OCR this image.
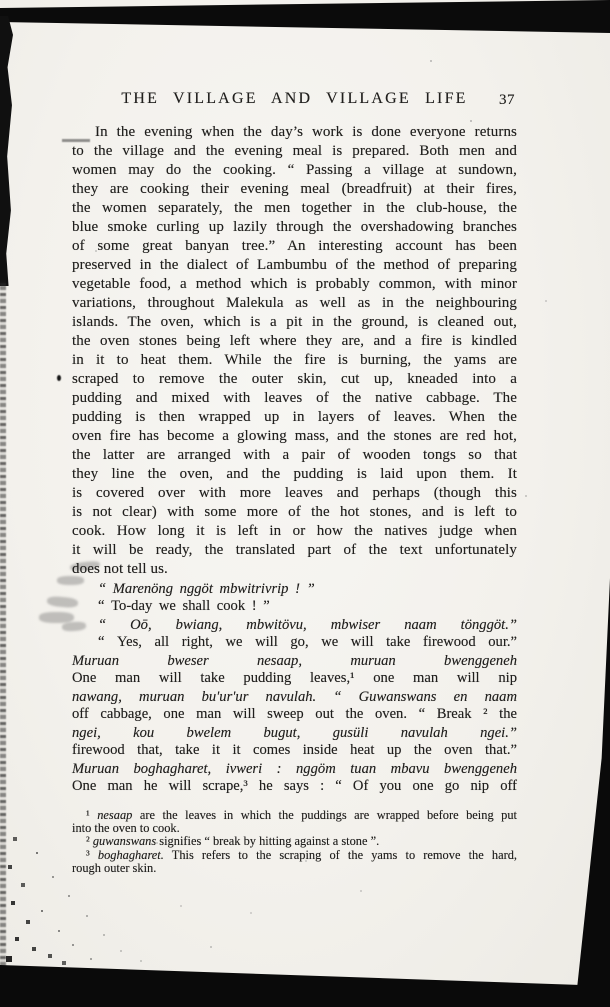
THE VILLAGE AND VILLAGE LIFE	37
In the evening when the day’s work is done everyone returns
to the village and the evening meal is prepared. Both men and
women may do the cooking. “ Passing a village at sundown,
they are cooking their evening meal (breadfruit) at their fires,
the women separately, the men together in the club-house, the
blue smoke curling up lazily through the overshadowing branches
of some great banyan tree.” An interesting account has been
preserved in the dialect of Lambumbu of the method of preparing
vegetable food, a method which is probably common, with minor
variations, throughout Malekula as well as in the neighbouring
islands. The oven, which is a pit in the ground, is cleaned out,
the oven stones being left where they are, and a fire is kindled
in it to heat them. While the fire is burning, the yams are
scraped to remove the outer skin, cut up, kneaded into a
pudding and mixed with leaves of the native cabbage. The
pudding is then wrapped up in layers of leaves. When the
oven fire has become a glowing mass, and the stones are red hot,
the latter are arranged with a pair of wooden tongs so that
they line the oven, and the pudding is laid upon them. It
is covered over with more leaves and perhaps (though this
is not clear) with some more of the hot stones, and is left to
cook. How long it is left in or how the natives judge when
it will be ready, the translated part of the text unfortunately
does not tell us.
“ Marenöng nggöt mbwitrivrip ! ”
“ To-day we shall cook ! ”
“ Oō, bwiang, mbwitövu, mbwiser naam tönggöt.”
“ Yes, all right, we will go, we will take firewood our.”
Muruan bweser nesaap, muruan bwenggeneh
One man will take pudding leaves,¹ one man will nip
nawang, muruan bu'ur'ur navulah. “ Guwanswans en naam
off cabbage, one man will sweep out the oven. “ Break ² the
ngei, kou bwelem bugut, gusüli navulah ngei.”
firewood that, take it it comes inside heat up the oven that.”
Muruan boghagharet, ivweri : nggöm tuan mbavu bwenggeneh
One man he will scrape,³ he says : “ Of you one go nip off
¹ nesaap are the leaves in which the puddings are wrapped before being put
into the oven to cook.
² guwanswans signifies “ break by hitting against a stone ”.
³ boghagharet. This refers to the scraping of the yams to remove the hard,
rough outer skin.
